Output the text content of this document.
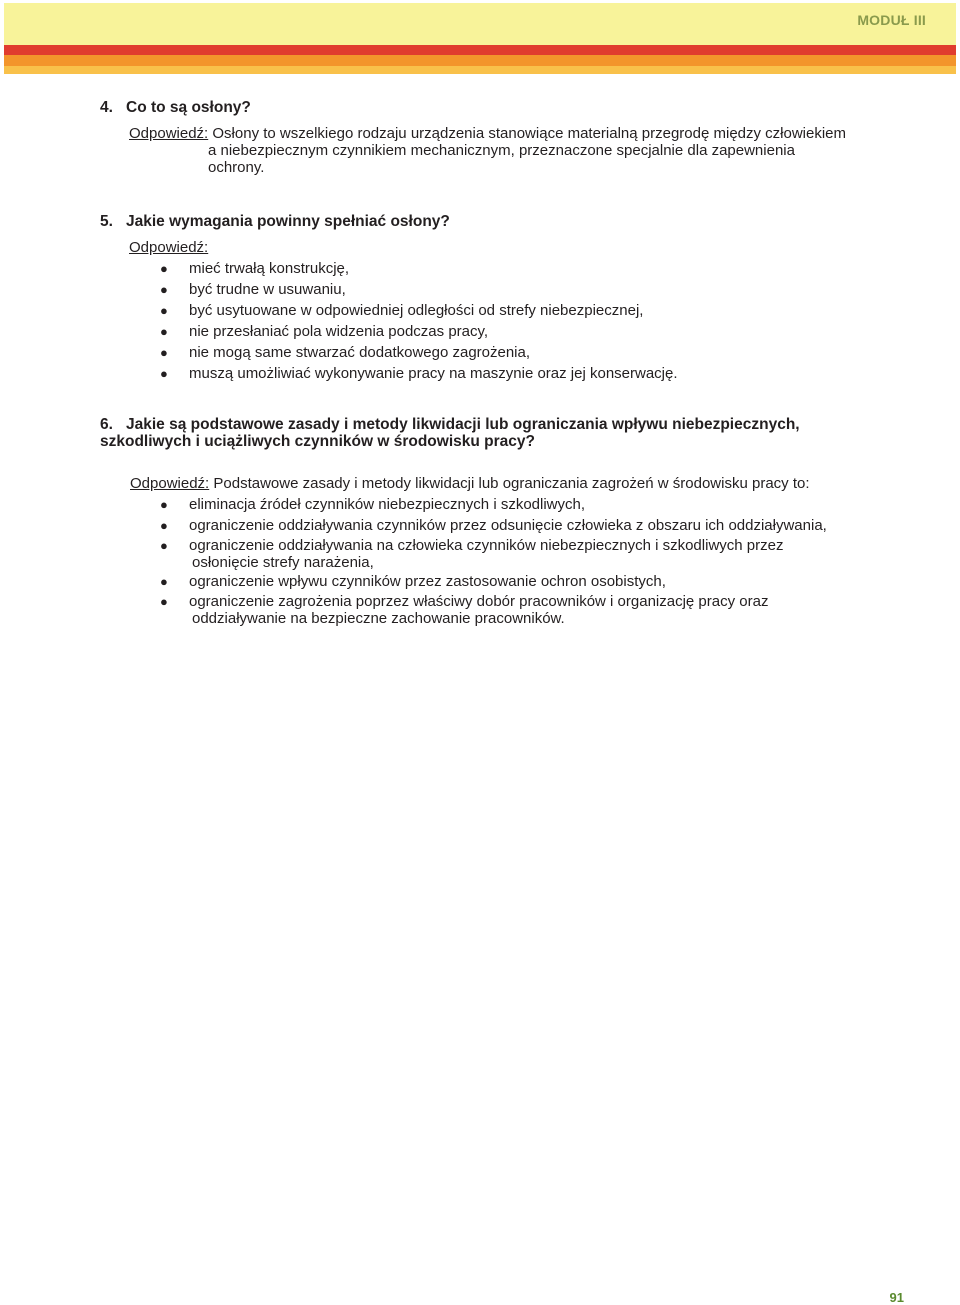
MODUŁ III
4. Co to są osłony?
Odpowiedź: Osłony to wszelkiego rodzaju urządzenia stanowiące materialną przegrodę między człowiekiem
a niebezpiecznym czynnikiem mechanicznym, przeznaczone specjalnie dla zapewnienia
ochrony.
5. Jakie wymagania powinny spełniać osłony?
Odpowiedź:
● mieć trwałą konstrukcję,
● być trudne w usuwaniu,
● być usytuowane w odpowiedniej odległości od strefy niebezpiecznej,
● nie przesłaniać pola widzenia podczas pracy,
● nie mogą same stwarzać dodatkowego zagrożenia,
● muszą umożliwiać wykonywanie pracy na maszynie oraz jej konserwację.
6. Jakie są podstawowe zasady i metody likwidacji lub ograniczania wpływu niebezpiecznych,
szkodliwych i uciążliwych czynników w środowisku pracy?
Odpowiedź: Podstawowe zasady i metody likwidacji lub ograniczania zagrożeń w środowisku pracy to:
● eliminacja źródeł czynników niebezpiecznych i szkodliwych,
● ograniczenie oddziaływania czynników przez odsunięcie człowieka z obszaru ich oddziaływania,
● ograniczenie oddziaływania na człowieka czynników niebezpiecznych i szkodliwych przez
osłonięcie strefy narażenia,
● ograniczenie wpływu czynników przez zastosowanie ochron osobistych,
● ograniczenie zagrożenia poprzez właściwy dobór pracowników i organizację pracy oraz
oddziaływanie na bezpieczne zachowanie pracowników.
91
